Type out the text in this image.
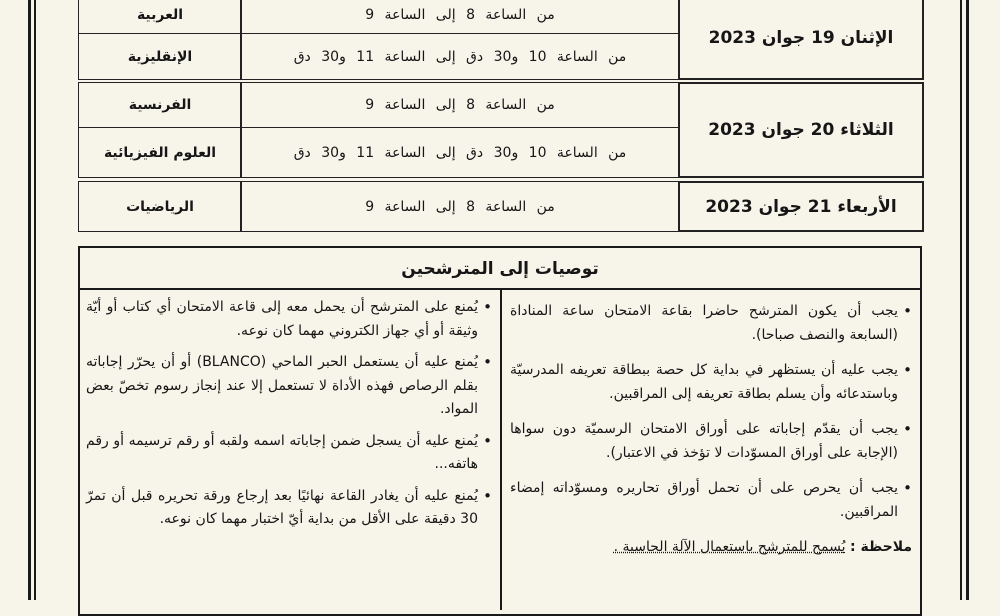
الإثنان 19 جوان 2023
العربية	من الساعة 8 إلى الساعة 9
الإنقليزية	من الساعة 10 و30 دق إلى الساعة 11 و30 دق
الثلاثاء 20 جوان 2023
الفرنسية	من الساعة 8 إلى الساعة 9
العلوم الفيزيائية	من الساعة 10 و30 دق إلى الساعة 11 و30 دق
الأربعاء 21 جوان 2023
الرياضيات	من الساعة 8 إلى الساعة 9
توصيات إلى المترشحين
• يجب أن يكون المترشح حاضرا بقاعة الامتحان ساعة المناداة (السابعة والنصف صباحا).
• يجب عليه أن يستظهر في بداية كل حصة ببطاقة تعريفه المدرسيّة وباستدعائه وأن يسلم بطاقة تعريفه إلى المراقبين.
• يجب أن يقدّم إجاباته على أوراق الامتحان الرسميّة دون سواها (الإجابة على أوراق المسوّدات لا تؤخذ في الاعتبار).
• يجب أن يحرص على أن تحمل أوراق تحاريره ومسوّداته إمضاء المراقبين.
ملاحظة : يُسمح للمترشح باستعمال الآلة الحاسبة .
• يُمنع على المترشح أن يحمل معه إلى قاعة الامتحان أي كتاب أو أيّة وثيقة أو أي جهاز الكتروني مهما كان نوعه.
• يُمنع عليه أن يستعمل الحبر الماحي (BLANCO) أو أن يحرّر إجاباته بقلم الرصاص فهذه الأداة لا تستعمل إلا عند إنجاز رسوم تخصّ بعض المواد.
• يُمنع عليه أن يسجل ضمن إجاباته اسمه ولقبه أو رقم ترسيمه أو رقم هاتفه...
• يُمنع عليه أن يغادر القاعة نهائيًا بعد إرجاع ورقة تحريره قبل أن تمرّ 30 دقيقة على الأقل من بداية أيّ اختبار مهما كان نوعه.
